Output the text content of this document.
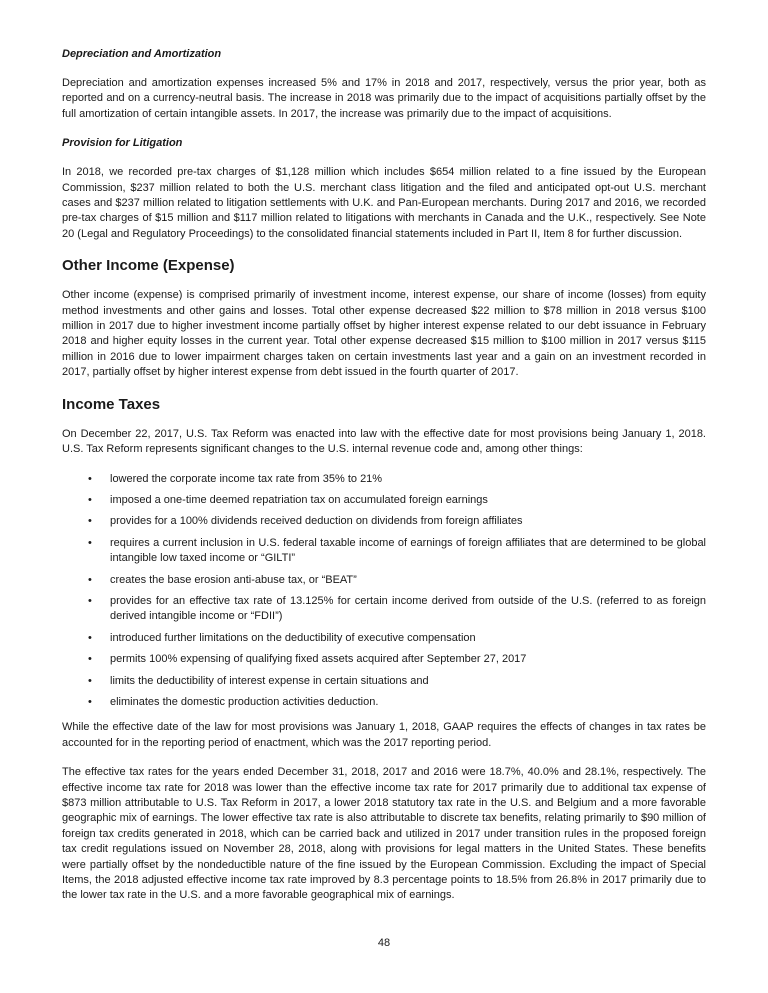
Depreciation and Amortization

Depreciation and amortization expenses increased 5% and 17% in 2018 and 2017, respectively, versus the prior year, both as reported and on a currency-neutral basis. The increase in 2018 was primarily due to the impact of acquisitions partially offset by the full amortization of certain intangible assets. In 2017, the increase was primarily due to the impact of acquisitions.

Provision for Litigation

In 2018, we recorded pre-tax charges of $1,128 million which includes $654 million related to a fine issued by the European Commission, $237 million related to both the U.S. merchant class litigation and the filed and anticipated opt-out U.S. merchant cases and $237 million related to litigation settlements with U.K. and Pan-European merchants. During 2017 and 2016, we recorded pre-tax charges of $15 million and $117 million related to litigations with merchants in Canada and the U.K., respectively. See Note 20 (Legal and Regulatory Proceedings) to the consolidated financial statements included in Part II, Item 8 for further discussion.

Other Income (Expense)

Other income (expense) is comprised primarily of investment income, interest expense, our share of income (losses) from equity method investments and other gains and losses. Total other expense decreased $22 million to $78 million in 2018 versus $100 million in 2017 due to higher investment income partially offset by higher interest expense related to our debt issuance in February 2018 and higher equity losses in the current year. Total other expense decreased $15 million to $100 million in 2017 versus $115 million in 2016 due to lower impairment charges taken on certain investments last year and a gain on an investment recorded in 2017, partially offset by higher interest expense from debt issued in the fourth quarter of 2017.

Income Taxes

On December 22, 2017, U.S. Tax Reform was enacted into law with the effective date for most provisions being January 1, 2018. U.S. Tax Reform represents significant changes to the U.S. internal revenue code and, among other things:

• lowered the corporate income tax rate from 35% to 21%
• imposed a one-time deemed repatriation tax on accumulated foreign earnings
• provides for a 100% dividends received deduction on dividends from foreign affiliates
• requires a current inclusion in U.S. federal taxable income of earnings of foreign affiliates that are determined to be global intangible low taxed income or “GILTI”
• creates the base erosion anti-abuse tax, or “BEAT”
• provides for an effective tax rate of 13.125% for certain income derived from outside of the U.S. (referred to as foreign derived intangible income or “FDII”)
• introduced further limitations on the deductibility of executive compensation
• permits 100% expensing of qualifying fixed assets acquired after September 27, 2017
• limits the deductibility of interest expense in certain situations and
• eliminates the domestic production activities deduction.

While the effective date of the law for most provisions was January 1, 2018, GAAP requires the effects of changes in tax rates be accounted for in the reporting period of enactment, which was the 2017 reporting period.

The effective tax rates for the years ended December 31, 2018, 2017 and 2016 were 18.7%, 40.0% and 28.1%, respectively. The effective income tax rate for 2018 was lower than the effective income tax rate for 2017 primarily due to additional tax expense of $873 million attributable to U.S. Tax Reform in 2017, a lower 2018 statutory tax rate in the U.S. and Belgium and a more favorable geographic mix of earnings. The lower effective tax rate is also attributable to discrete tax benefits, relating primarily to $90 million of foreign tax credits generated in 2018, which can be carried back and utilized in 2017 under transition rules in the proposed foreign tax credit regulations issued on November 28, 2018, along with provisions for legal matters in the United States. These benefits were partially offset by the nondeductible nature of the fine issued by the European Commission. Excluding the impact of Special Items, the 2018 adjusted effective income tax rate improved by 8.3 percentage points to 18.5% from 26.8% in 2017 primarily due to the lower tax rate in the U.S. and a more favorable geographical mix of earnings.

48
